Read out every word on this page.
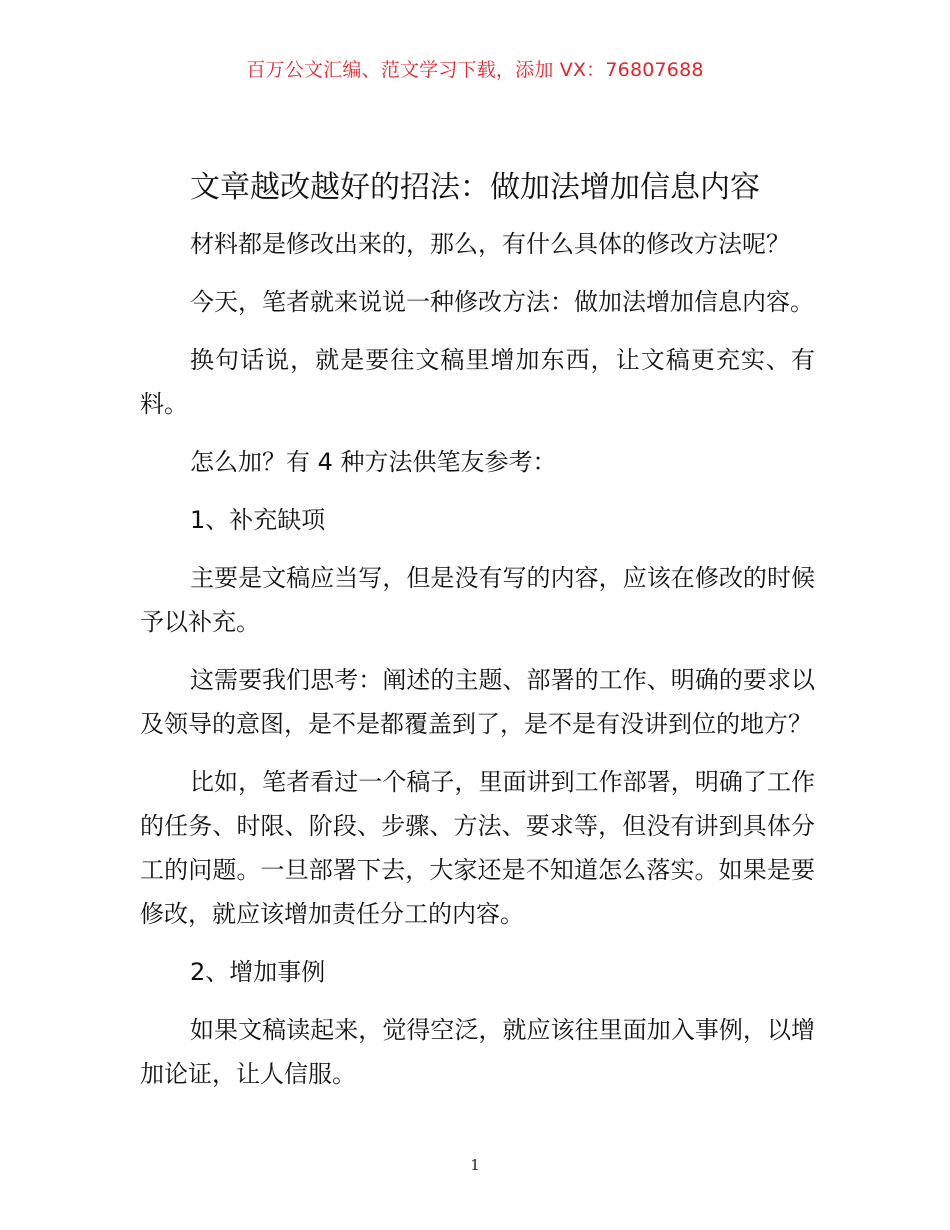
百万公文汇编、范文学习下载，添加 VX：76807688
文章越改越好的招法：做加法增加信息内容

材料都是修改出来的，那么，有什么具体的修改方法呢？

今天，笔者就来说说一种修改方法：做加法增加信息内容。

换句话说，就是要往文稿里增加东西，让文稿更充实、有料。

怎么加？有 4 种方法供笔友参考：

1、补充缺项

主要是文稿应当写，但是没有写的内容，应该在修改的时候予以补充。

这需要我们思考：阐述的主题、部署的工作、明确的要求以及领导的意图，是不是都覆盖到了，是不是有没讲到位的地方？

比如，笔者看过一个稿子，里面讲到工作部署，明确了工作的任务、时限、阶段、步骤、方法、要求等，但没有讲到具体分工的问题。一旦部署下去，大家还是不知道怎么落实。如果是要修改，就应该增加责任分工的内容。

2、增加事例

如果文稿读起来，觉得空泛，就应该往里面加入事例，以增加论证，让人信服。

1
